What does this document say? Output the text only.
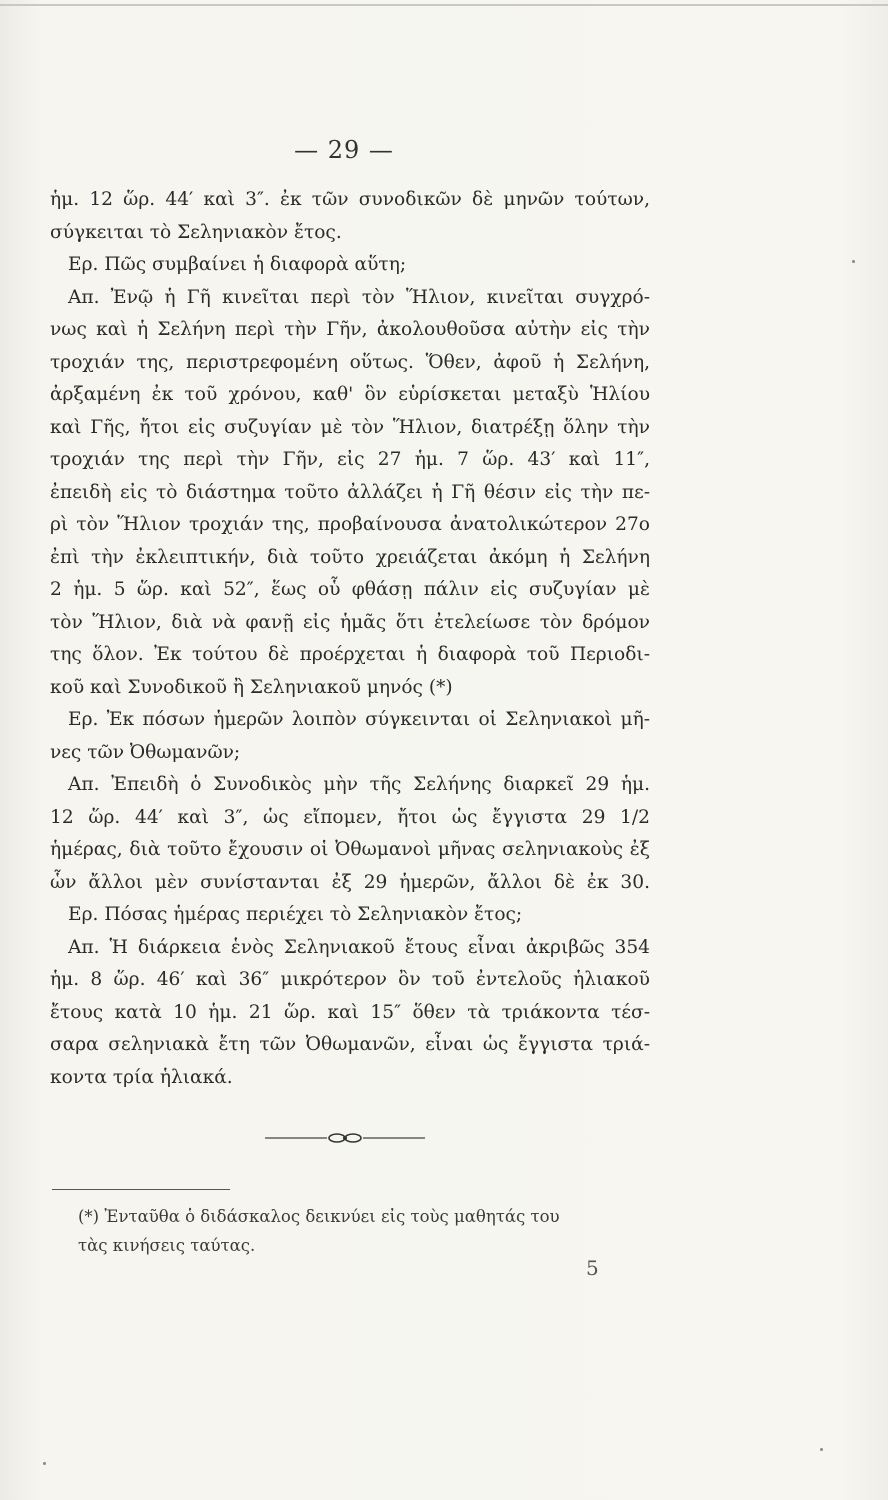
— 29 —
ἡμ. 12 ὥρ. 44′ καὶ 3″. ἐκ τῶν συνοδικῶν δὲ μηνῶν τούτων,
σύγκειται τὸ Σεληνιακὸν ἔτος.
Ερ. Πῶς συμβαίνει ἡ διαφορὰ αὕτη;
Απ. Ἐνῷ ἡ Γῆ κινεῖται περὶ τὸν Ἥλιον, κινεῖται συγχρό-
νως καὶ ἡ Σελήνη περὶ τὴν Γῆν, ἀκολουθοῦσα αὐτὴν εἰς τὴν
τροχιάν της, περιστρεφομένη οὕτως. Ὅθεν, ἀφοῦ ἡ Σελήνη,
ἀρξαμένη ἐκ τοῦ χρόνου, καθ' ὃν εὑρίσκεται μεταξὺ Ἡλίου
καὶ Γῆς, ἤτοι εἰς συζυγίαν μὲ τὸν Ἥλιον, διατρέξῃ ὅλην τὴν
τροχιάν της περὶ τὴν Γῆν, εἰς 27 ἡμ. 7 ὥρ. 43′ καὶ 11″,
ἐπειδὴ εἰς τὸ διάστημα τοῦτο ἀλλάζει ἡ Γῆ θέσιν εἰς τὴν πε-
ρὶ τὸν Ἥλιον τροχιάν της, προβαίνουσα ἀνατολικώτερον 27ο
ἐπὶ τὴν ἐκλειπτικήν, διὰ τοῦτο χρειάζεται ἀκόμη ἡ Σελήνη
2 ἡμ. 5 ὥρ. καὶ 52″, ἕως οὗ φθάσῃ πάλιν εἰς συζυγίαν μὲ
τὸν Ἥλιον, διὰ νὰ φανῇ εἰς ἡμᾶς ὅτι ἐτελείωσε τὸν δρόμον
της ὅλον. Ἐκ τούτου δὲ προέρχεται ἡ διαφορὰ τοῦ Περιοδι-
κοῦ καὶ Συνοδικοῦ ἢ Σεληνιακοῦ μηνός (*)
Ερ. Ἐκ πόσων ἡμερῶν λοιπὸν σύγκεινται οἱ Σεληνιακοὶ μῆ-
νες τῶν Ὀθωμανῶν;
Απ. Ἐπειδὴ ὁ Συνοδικὸς μὴν τῆς Σελήνης διαρκεῖ 29 ἡμ.
12 ὥρ. 44′ καὶ 3″, ὡς εἴπομεν, ἤτοι ὡς ἔγγιστα 29 1/2
ἡμέρας, διὰ τοῦτο ἔχουσιν οἱ Ὀθωμανοὶ μῆνας σεληνιακοὺς ἐξ
ὧν ἄλλοι μὲν συνίστανται ἐξ 29 ἡμερῶν, ἄλλοι δὲ ἐκ 30.
Ερ. Πόσας ἡμέρας περιέχει τὸ Σεληνιακὸν ἔτος;
Απ. Ἡ διάρκεια ἑνὸς Σεληνιακοῦ ἔτους εἶναι ἀκριβῶς 354
ἡμ. 8 ὥρ. 46′ καὶ 36″ μικρότερον ὂν τοῦ ἐντελοῦς ἡλιακοῦ
ἔτους κατὰ 10 ἡμ. 21 ὥρ. καὶ 15″ ὅθεν τὰ τριάκοντα τέσ-
σαρα σεληνιακὰ ἔτη τῶν Ὀθωμανῶν, εἶναι ὡς ἔγγιστα τριά-
κοντα τρία ἡλιακά.
(*) Ἐνταῦθα ὁ διδάσκαλος δεικνύει εἰς τοὺς μαθητάς του
τὰς κινήσεις ταύτας.
5
